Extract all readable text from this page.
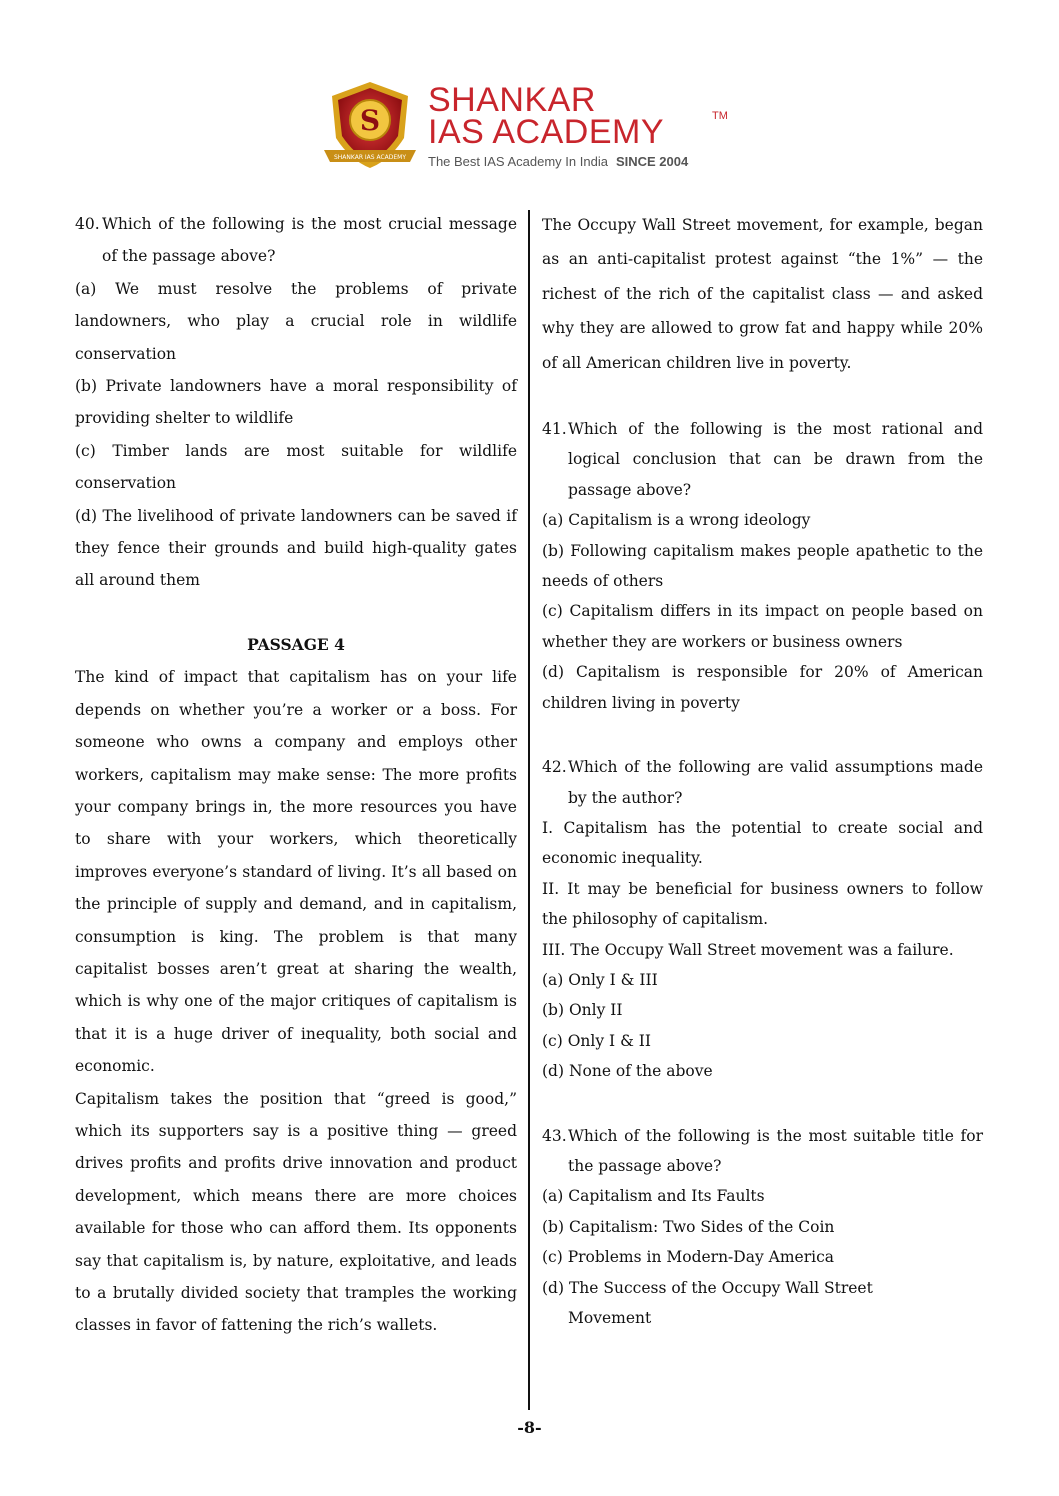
S
SHANKAR IAS ACADEMY
SHANKAR
IAS ACADEMY	TM
The Best IAS Academy In India SINCE 2004
40. Which of the following is the most crucial message of the passage above?

(a) We must resolve the problems of private landowners, who play a crucial role in wildlife conservation

(b) Private landowners have a moral responsibility of providing shelter to wildlife

(c) Timber lands are most suitable for wildlife conservation

(d) The livelihood of private landowners can be saved if they fence their grounds and build high-quality gates all around them

PASSAGE 4

The kind of impact that capitalism has on your life depends on whether you’re a worker or a boss. For someone who owns a company and employs other workers, capitalism may make sense: The more profits your company brings in, the more resources you have to share with your workers, which theoretically improves everyone’s standard of living. It’s all based on the principle of supply and demand, and in capitalism, consumption is king. The problem is that many capitalist bosses aren’t great at sharing the wealth, which is why one of the major critiques of capitalism is that it is a huge driver of inequality, both social and economic.

Capitalism takes the position that “greed is good,” which its supporters say is a positive thing — greed drives profits and profits drive innovation and product development, which means there are more choices available for those who can afford them. Its opponents say that capitalism is, by nature, exploitative, and leads to a brutally divided society that tramples the working classes in favor of fattening the rich’s wallets.

The Occupy Wall Street movement, for example, began as an anti-capitalist protest against “the 1%” — the richest of the rich of the capitalist class — and asked why they are allowed to grow fat and happy while 20% of all American children live in poverty.

41. Which of the following is the most rational and logical conclusion that can be drawn from the passage above?

(a) Capitalism is a wrong ideology

(b) Following capitalism makes people apathetic to the needs of others

(c) Capitalism differs in its impact on people based on whether they are workers or business owners

(d) Capitalism is responsible for 20% of American children living in poverty

42. Which of the following are valid assumptions made by the author?

I. Capitalism has the potential to create social and economic inequality.

II. It may be beneficial for business owners to follow the philosophy of capitalism.

III. The Occupy Wall Street movement was a failure.

(a) Only I & III

(b) Only II

(c) Only I & II

(d) None of the above

43. Which of the following is the most suitable title for the passage above?

(a) Capitalism and Its Faults

(b) Capitalism: Two Sides of the Coin

(c) Problems in Modern-Day America

(d) The Success of the Occupy Wall Street

Movement

-8-
